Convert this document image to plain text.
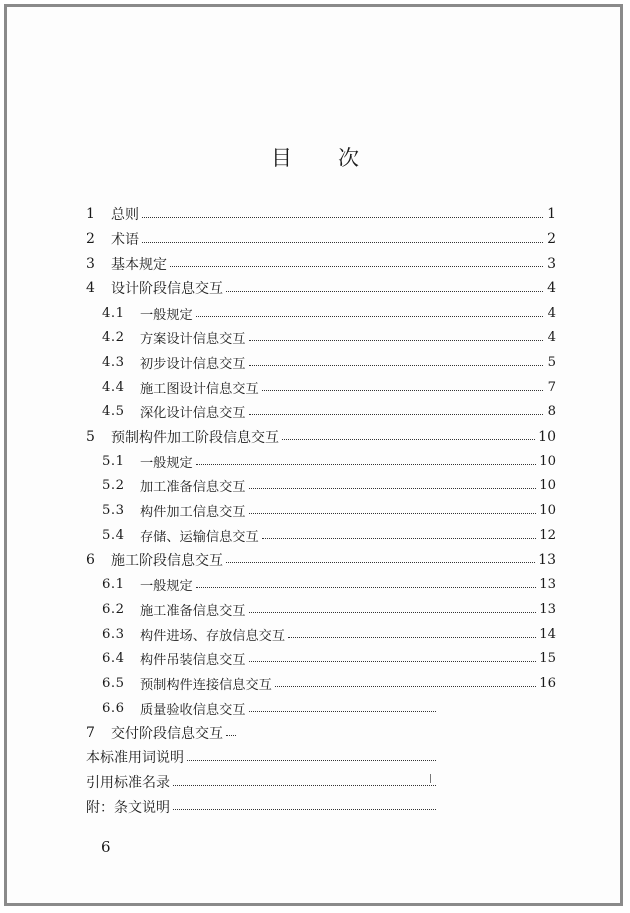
目 次
1	总则	1
2	术语	2
3	基本规定	3
4	设计阶段信息交互	4
4.1	一般规定	4
4.2	方案设计信息交互	4
4.3	初步设计信息交互	5
4.4	施工图设计信息交互	7
4.5	深化设计信息交互	8
5	预制构件加工阶段信息交互	10
5.1	一般规定	10
5.2	加工准备信息交互	10
5.3	构件加工信息交互	10
5.4	存储、运输信息交互	12
6	施工阶段信息交互	13
6.1	一般规定	13
6.2	施工准备信息交互	13
6.3	构件进场、存放信息交互	14
6.4	构件吊装信息交互	15
6.5	预制构件连接信息交互	16
6.6	质量验收信息交互
7	交付阶段信息交互
本标准用词说明
引用标准名录
附：条文说明
6
